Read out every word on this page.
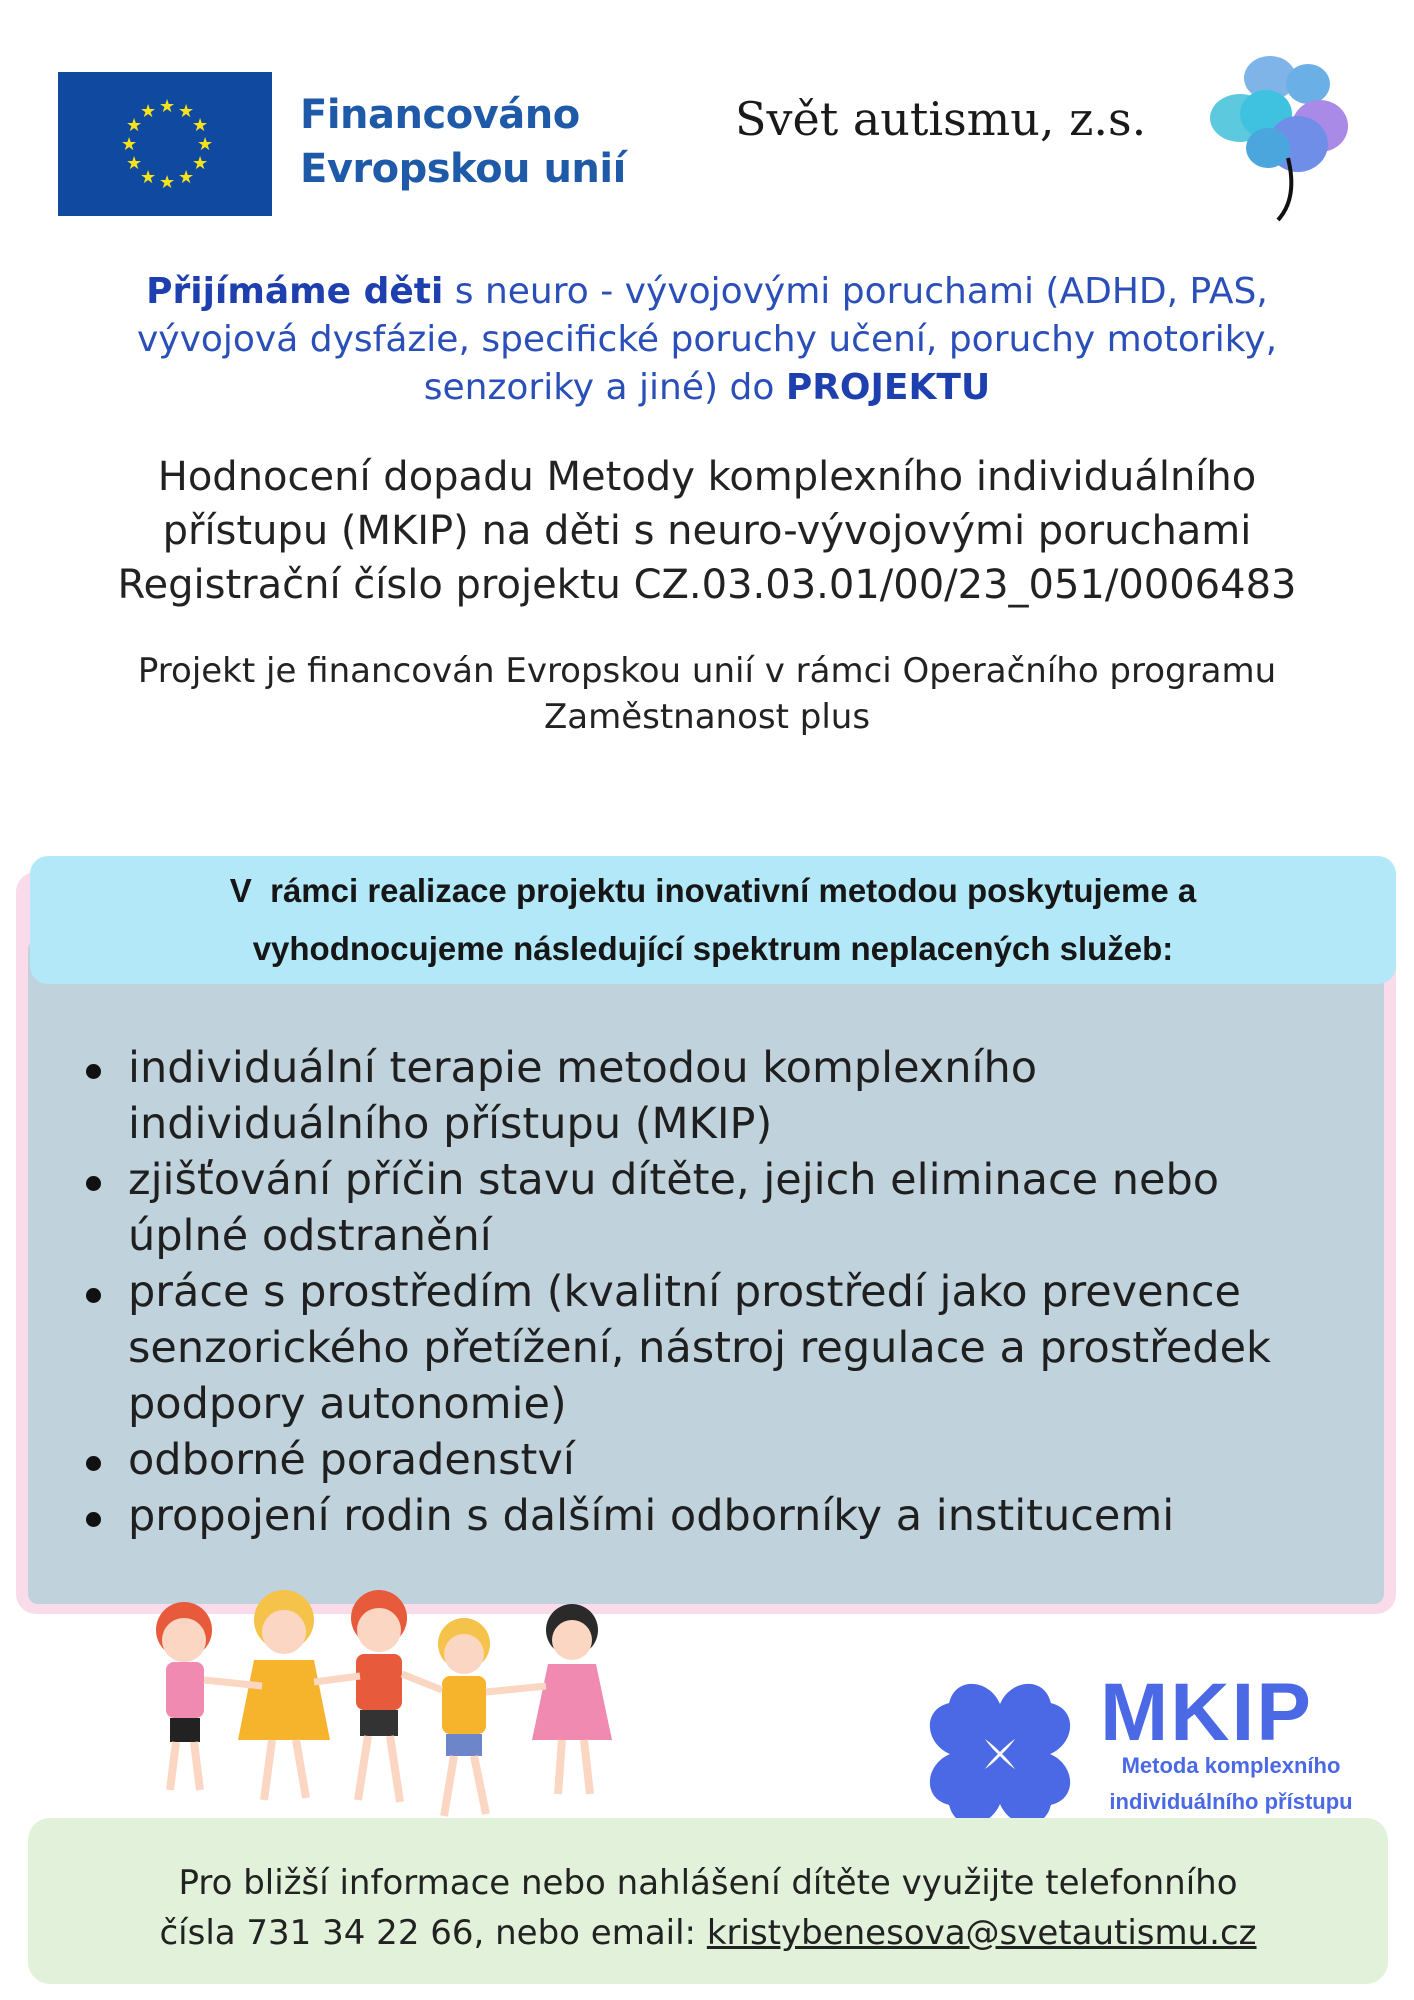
★ ★
★
★
★
★
★
★
★
★
★
★	Financováno
Evropskou unií
Svět autismu, z.s.
Přijímáme děti s neuro - vývojovými poruchami (ADHD, PAS, vývojová dysfázie, specifické poruchy učení, poruchy motoriky, senzoriky a jiné) do PROJEKTU
Hodnocení dopadu Metody komplexního individuálního
přístupu (MKIP) na děti s neuro-vývojovými poruchami
Registrační číslo projektu CZ.03.03.01/00/23_051/0006483
Projekt je financován Evropskou unií v rámci Operačního programu
Zaměstnanost plus
V  rámci realizace projektu inovativní metodou poskytujeme a
vyhodnocujeme následující spektrum neplacených služeb:
individuální terapie metodou komplexního individuálního přístupu (MKIP)
zjišťování příčin stavu dítěte, jejich eliminace nebo úplné odstranění
práce s prostředím (kvalitní prostředí jako prevence senzorického přetížení, nástroj regulace a prostředek podpory autonomie)
odborné poradenství
propojení rodin s dalšími odborníky a institucemi
MKIP
Metoda komplexního
individuálního přístupu
Pro bližší informace nebo nahlášení dítěte využijte telefonního
čísla 731 34 22 66, nebo email: kristybenesova@svetautismu.cz
